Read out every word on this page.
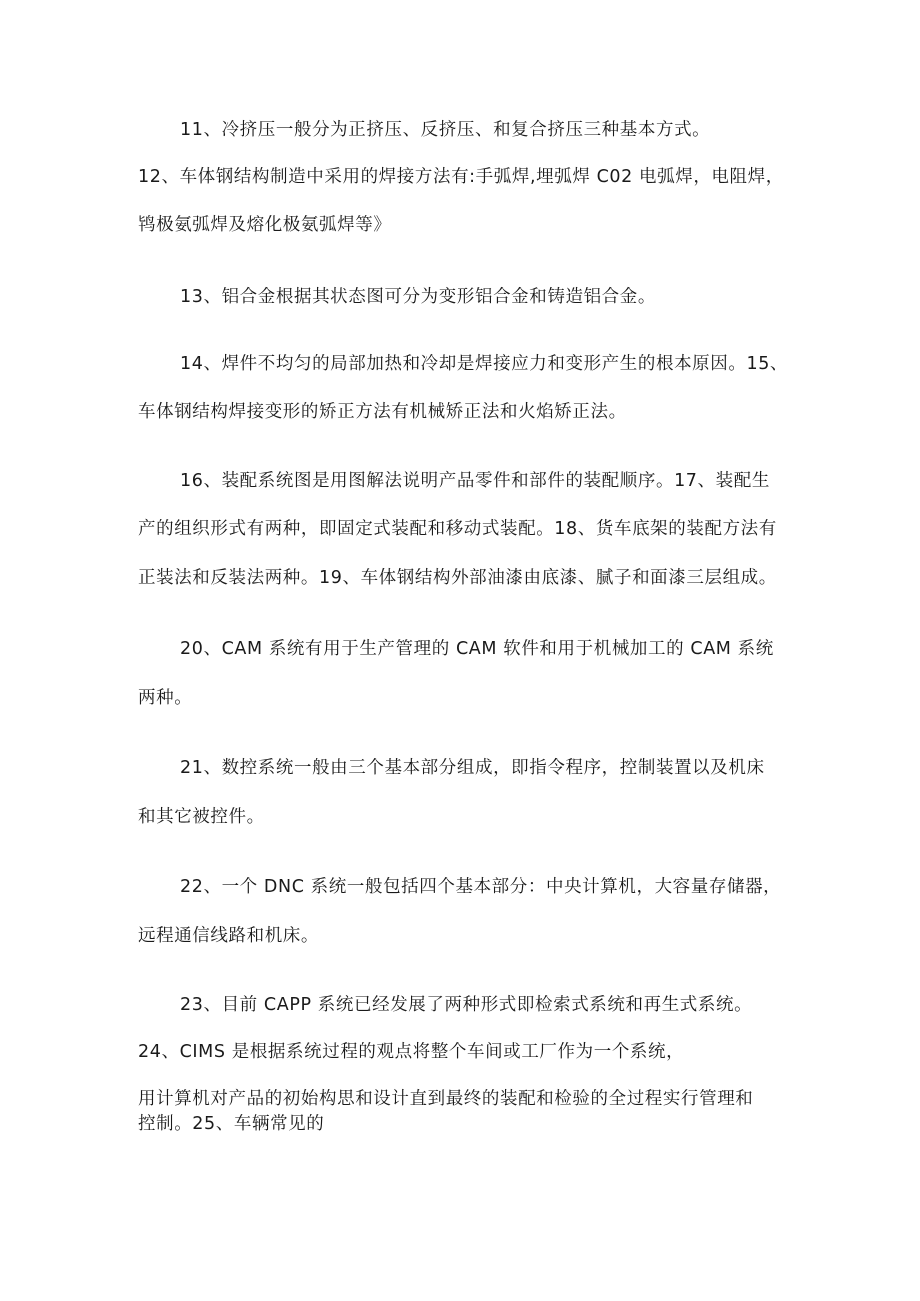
11、冷挤压一般分为正挤压、反挤压、和复合挤压三种基本方式。
12、车体钢结构制造中采用的焊接方法有:手弧焊,埋弧焊 C02 电弧焊，电阻焊，
鸨极氨弧焊及熔化极氨弧焊等》
13、铝合金根据其状态图可分为变形铝合金和铸造铝合金。
14、焊件不均匀的局部加热和冷却是焊接应力和变形产生的根本原因。15、
车体钢结构焊接变形的矫正方法有机械矫正法和火焰矫正法。
16、装配系统图是用图解法说明产品零件和部件的装配顺序。17、装配生
产的组织形式有两种，即固定式装配和移动式装配。18、货车底架的装配方法有
正装法和反装法两种。19、车体钢结构外部油漆由底漆、腻子和面漆三层组成。
20、CAM 系统有用于生产管理的 CAM 软件和用于机械加工的 CAM 系统
两种。
21、数控系统一般由三个基本部分组成，即指令程序，控制装置以及机床
和其它被控件。
22、一个 DNC 系统一般包括四个基本部分：中央计算机，大容量存储器，
远程通信线路和机床。
23、目前 CAPP 系统已经发展了两种形式即检索式系统和再生式系统。
24、CIMS 是根据系统过程的观点将整个车间或工厂作为一个系统，
用计算机对产品的初始构思和设计直到最终的装配和检验的全过程实行管理和
控制。25、车辆常见的
